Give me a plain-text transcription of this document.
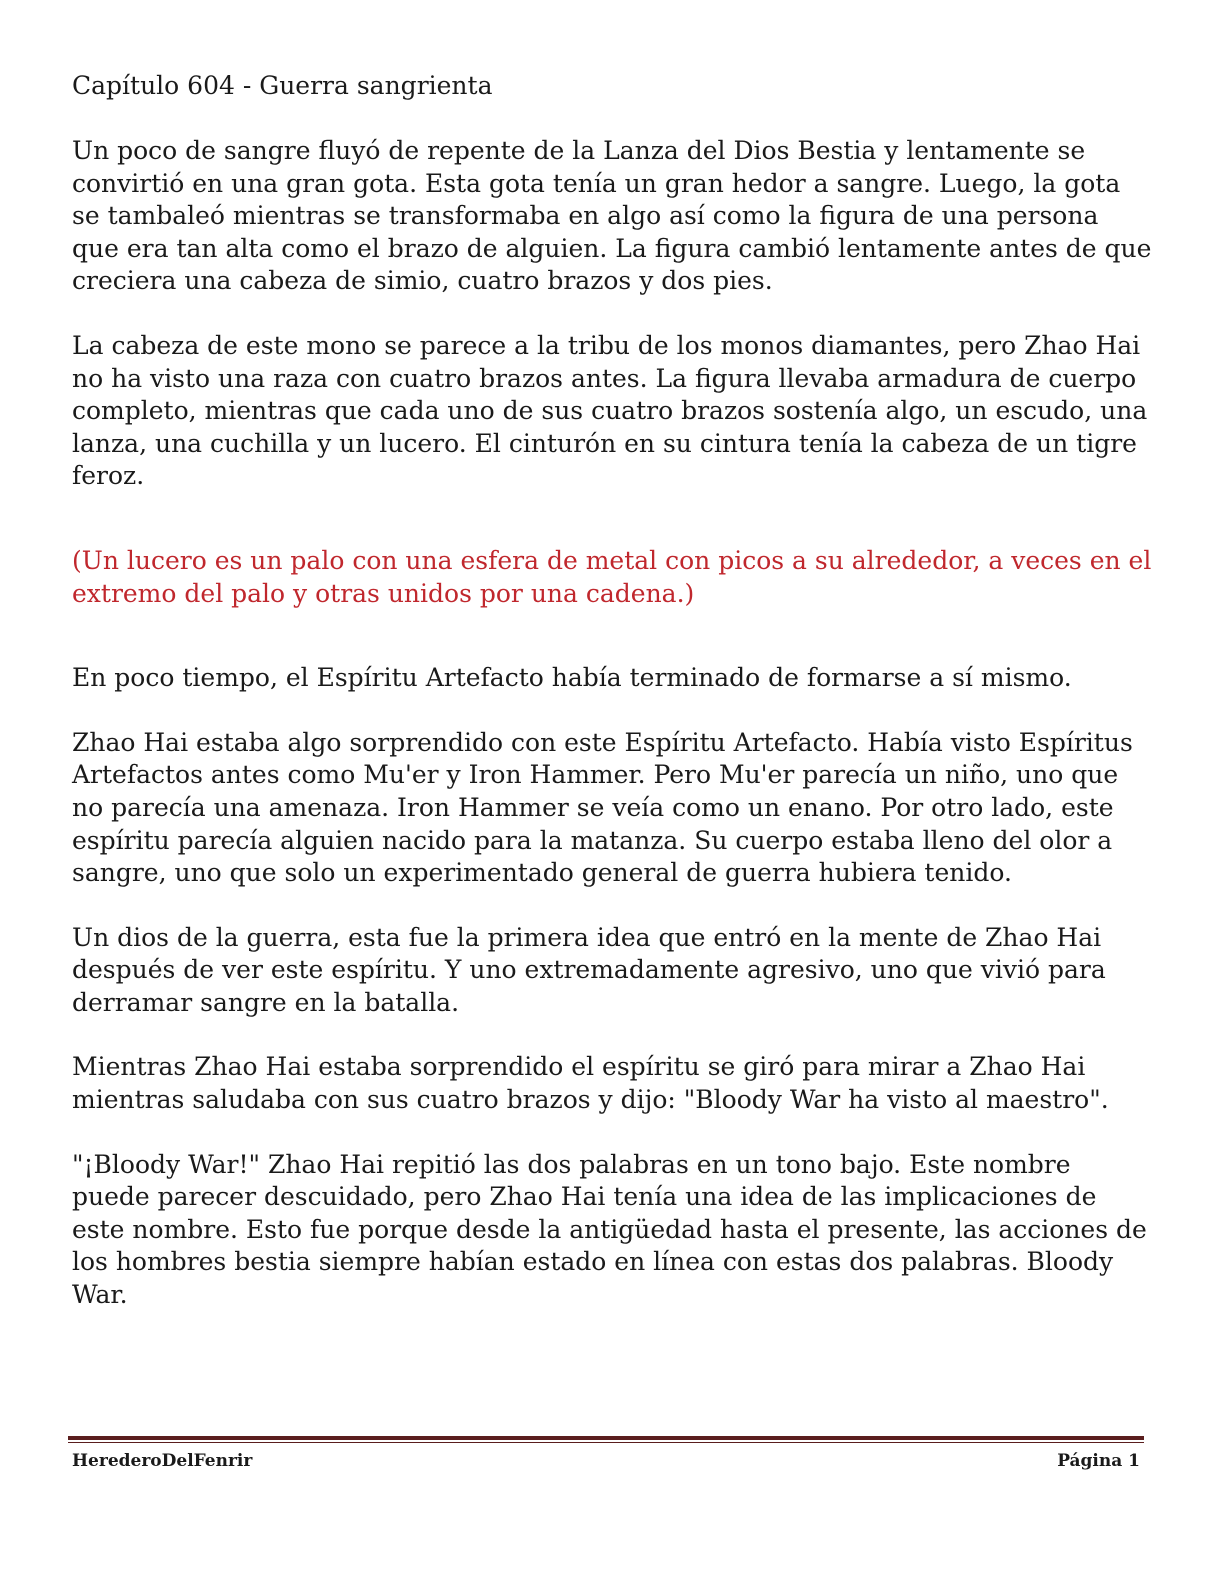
Capítulo 604 - Guerra sangrienta

Un poco de sangre fluyó de repente de la Lanza del Dios Bestia y lentamente se convirtió en una gran gota. Esta gota tenía un gran hedor a sangre. Luego, la gota se tambaleó mientras se transformaba en algo así como la figura de una persona que era tan alta como el brazo de alguien. La figura cambió lentamente antes de que creciera una cabeza de simio, cuatro brazos y dos pies.

La cabeza de este mono se parece a la tribu de los monos diamantes, pero Zhao Hai no ha visto una raza con cuatro brazos antes. La figura llevaba armadura de cuerpo completo, mientras que cada uno de sus cuatro brazos sostenía algo, un escudo, una lanza, una cuchilla y un lucero. El cinturón en su cintura tenía la cabeza de un tigre feroz.

(Un lucero es un palo con una esfera de metal con picos a su alrededor, a veces en el extremo del palo y otras unidos por una cadena.)

En poco tiempo, el Espíritu Artefacto había terminado de formarse a sí mismo.

Zhao Hai estaba algo sorprendido con este Espíritu Artefacto. Había visto Espíritus Artefactos antes como Mu'er y Iron Hammer. Pero Mu'er parecía un niño, uno que no parecía una amenaza. Iron Hammer se veía como un enano. Por otro lado, este espíritu parecía alguien nacido para la matanza. Su cuerpo estaba lleno del olor a sangre, uno que solo un experimentado general de guerra hubiera tenido.

Un dios de la guerra, esta fue la primera idea que entró en la mente de Zhao Hai después de ver este espíritu. Y uno extremadamente agresivo, uno que vivió para derramar sangre en la batalla.

Mientras Zhao Hai estaba sorprendido el espíritu se giró para mirar a Zhao Hai mientras saludaba con sus cuatro brazos y dijo: "Bloody War ha visto al maestro".

"¡Bloody War!" Zhao Hai repitió las dos palabras en un tono bajo. Este nombre puede parecer descuidado, pero Zhao Hai tenía una idea de las implicaciones de este nombre. Esto fue porque desde la antigüedad hasta el presente, las acciones de los hombres bestia siempre habían estado en línea con estas dos palabras. Bloody War.

HerederoDelFenrir	Página 1
